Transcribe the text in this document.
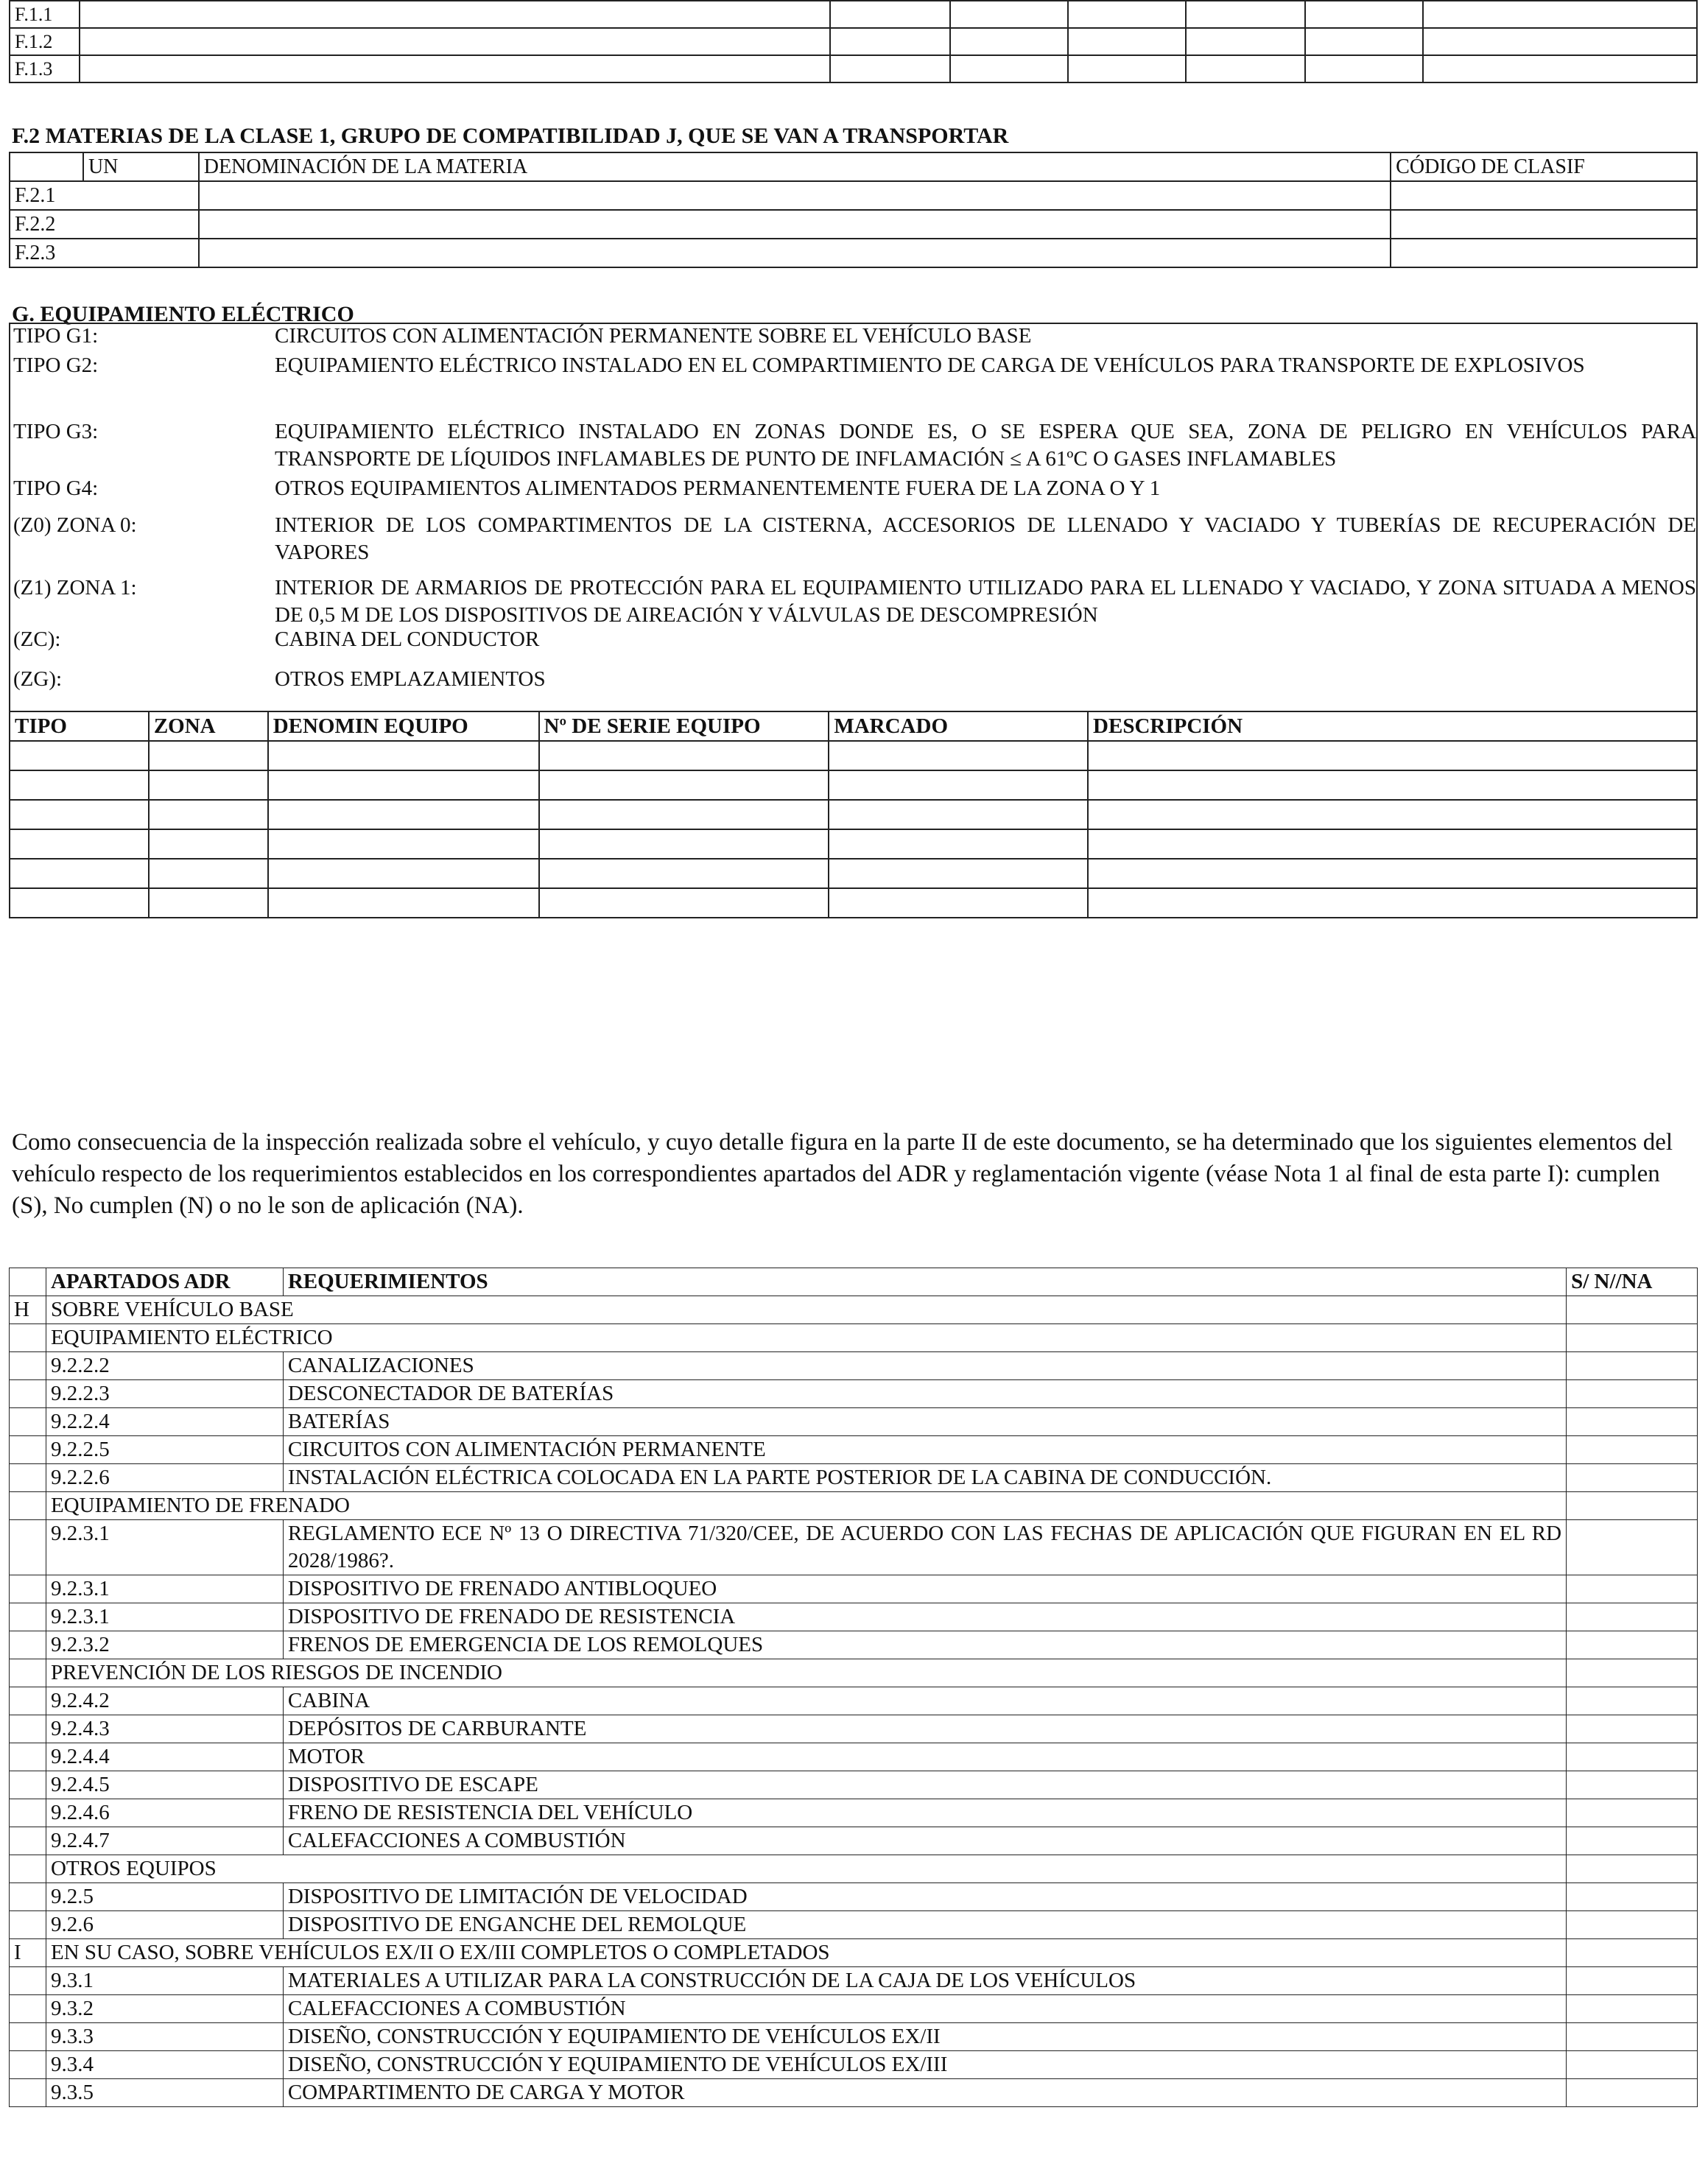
F.1.1							
F.1.2							
F.1.3							
F.2 MATERIAS DE LA CLASE 1, GRUPO DE COMPATIBILIDAD J, QUE SE VAN A TRANSPORTAR
	UN	DENOMINACIÓN DE LA MATERIA	CÓDIGO DE CLASIF
F.2.1			
F.2.2			
F.2.3			
G. EQUIPAMIENTO ELÉCTRICO
TIPO G1:	CIRCUITOS CON ALIMENTACIÓN PERMANENTE SOBRE EL VEHÍCULO BASE
TIPO G2:	EQUIPAMIENTO ELÉCTRICO INSTALADO EN EL COMPARTIMIENTO DE CARGA DE VEHÍCULOS PARA TRANSPORTE DE EXPLOSIVOS
TIPO G3:	EQUIPAMIENTO ELÉCTRICO INSTALADO EN ZONAS DONDE ES, O SE ESPERA QUE SEA, ZONA DE PELIGRO EN VEHÍCULOS PARA TRANSPORTE DE LÍQUIDOS INFLAMABLES DE PUNTO DE INFLAMACIÓN ≤ A 61ºC O GASES INFLAMABLES
TIPO G4:	OTROS EQUIPAMIENTOS ALIMENTADOS PERMANENTEMENTE FUERA DE LA ZONA O Y 1
(Z0) ZONA 0:	INTERIOR DE LOS COMPARTIMENTOS DE LA CISTERNA, ACCESORIOS DE LLENADO Y VACIADO Y TUBERÍAS DE RECUPERACIÓN DE VAPORES
(Z1) ZONA 1:	INTERIOR DE ARMARIOS DE PROTECCIÓN PARA EL EQUIPAMIENTO UTILIZADO PARA EL LLENADO Y VACIADO, Y ZONA SITUADA A MENOS DE 0,5 M DE LOS DISPOSITIVOS DE AIREACIÓN Y VÁLVULAS DE DESCOMPRESIÓN
(ZC):	CABINA DEL CONDUCTOR
(ZG):	OTROS EMPLAZAMIENTOS
TIPO	ZONA	DENOMIN EQUIPO	Nº DE SERIE EQUIPO	MARCADO	DESCRIPCIÓN

Como consecuencia de la inspección realizada sobre el vehículo, y cuyo detalle figura en la parte II de este documento, se ha determinado que los siguientes elementos del vehículo respecto de los requerimientos establecidos en los correspondientes apartados del ADR y reglamentación vigente (véase Nota 1 al final de esta parte I): cumplen (S), No cumplen (N) o no le son de aplicación (NA).

	APARTADOS ADR	REQUERIMIENTOS	S/ N//NA
H	SOBRE VEHÍCULO BASE		
	EQUIPAMIENTO ELÉCTRICO		
	9.2.2.2	CANALIZACIONES	
	9.2.2.3	DESCONECTADOR DE BATERÍAS	
	9.2.2.4	BATERÍAS	
	9.2.2.5	CIRCUITOS CON ALIMENTACIÓN PERMANENTE	
	9.2.2.6	INSTALACIÓN ELÉCTRICA COLOCADA EN LA PARTE POSTERIOR DE LA CABINA DE CONDUCCIÓN.	
	EQUIPAMIENTO DE FRENADO		
	9.2.3.1	REGLAMENTO ECE Nº 13 O DIRECTIVA 71/320/CEE, DE ACUERDO CON LAS FECHAS DE APLICACIÓN QUE FIGURAN EN EL RD 2028/1986?.	
	9.2.3.1	DISPOSITIVO DE FRENADO ANTIBLOQUEO	
	9.2.3.1	DISPOSITIVO DE FRENADO DE RESISTENCIA	
	9.2.3.2	FRENOS DE EMERGENCIA DE LOS REMOLQUES	
	PREVENCIÓN DE LOS RIESGOS DE INCENDIO		
	9.2.4.2	CABINA	
	9.2.4.3	DEPÓSITOS DE CARBURANTE	
	9.2.4.4	MOTOR	
	9.2.4.5	DISPOSITIVO DE ESCAPE	
	9.2.4.6	FRENO DE RESISTENCIA DEL VEHÍCULO	
	9.2.4.7	CALEFACCIONES A COMBUSTIÓN	
	OTROS EQUIPOS		
	9.2.5	DISPOSITIVO DE LIMITACIÓN DE VELOCIDAD	
	9.2.6	DISPOSITIVO DE ENGANCHE DEL REMOLQUE	
I	EN SU CASO, SOBRE VEHÍCULOS EX/II O EX/III COMPLETOS O COMPLETADOS		
	9.3.1	MATERIALES A UTILIZAR PARA LA CONSTRUCCIÓN DE LA CAJA DE LOS VEHÍCULOS	
	9.3.2	CALEFACCIONES A COMBUSTIÓN	
	9.3.3	DISEÑO, CONSTRUCCIÓN Y EQUIPAMIENTO DE VEHÍCULOS EX/II	
	9.3.4	DISEÑO, CONSTRUCCIÓN Y EQUIPAMIENTO DE VEHÍCULOS EX/III	
	9.3.5	COMPARTIMENTO DE CARGA Y MOTOR	
